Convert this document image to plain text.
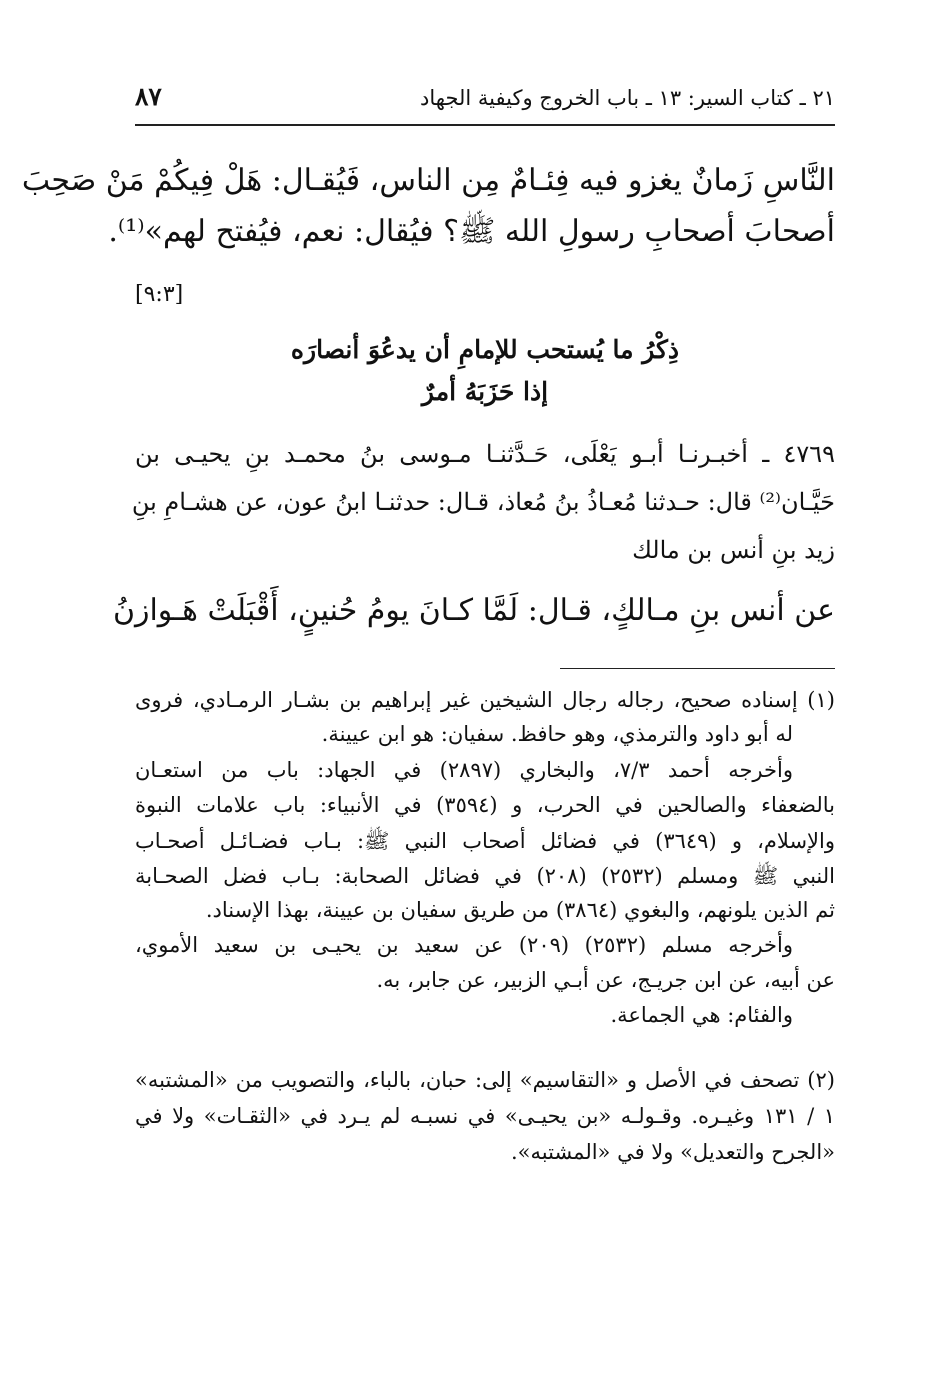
٢١ ـ كتاب السير: ١٣ ـ باب الخروج وكيفية الجهاد
٨٧
النَّاسِ زَمانٌ يغزو فيه فِئـامٌ مِن الناس، فَيُقـال: هَلْ فِيكُمْ مَنْ صَحِبَ
أصحابَ أصحابِ رسولِ الله ﷺ؟ فيُقال: نعم، فيُفتح لهم»⁽¹⁾.
[٩:٣]
ذِكْرُ ما يُستحب للإمامِ أن يدعُوَ أنصارَه
إذا حَزَبَهُ أمرٌ
٤٧٦٩ ـ أخبـرنـا أبـو يَعْلَى، حَـدَّثنـا مـوسى بنُ محمـد بنِ يحيـى بن
حَيَّـان⁽²⁾ قال: حـدثنا مُعـاذُ بنُ مُعاذ، قـال: حدثنـا ابنُ عون، عن هشـامِ بنِ
زيد بنِ أنس بن مالك
عن أنس بنِ مـالكٍ، قـال: لَمَّا كـانَ يومُ حُنينٍ، أَقْبَلَتْ هَـوازنُ
(١) إسناده صحيح، رجاله رجال الشيخين غير إبراهيم بن بشـار الرمـادي، فروى
له أبو داود والترمذي، وهو حافظ. سفيان: هو ابن عيينة.
وأخرجه أحمد ٧/٣، والبخاري (٢٨٩٧) في الجهاد: باب من استعـان
بالضعفاء والصالحين في الحرب، و (٣٥٩٤) في الأنبياء: باب علامات النبوة
والإسلام، و (٣٦٤٩) في فضائل أصحاب النبي ﷺ: بـاب فضـائـل أصحـاب
النبي ﷺ ومسلم (٢٥٣٢) (٢٠٨) في فضائل الصحابة: بـاب فضل الصحـابة
ثم الذين يلونهم، والبغوي (٣٨٦٤) من طريق سفيان بن عيينة، بهذا الإسناد.
وأخرجه مسلم (٢٥٣٢) (٢٠٩) عن سعيد بن يحيـى بن سعيد الأموي،
عن أبيه، عن ابن جريـج، عن أبـي الزبير، عن جابر، به.
والفئام: هي الجماعة.
(٢) تصحف في الأصل و «التقاسيم» إلى: حبان، بالباء، والتصويب من «المشتبه»
١ / ١٣١ وغيـره. وقـولـه «بن يحيـى» في نسبـه لم يـرد في «الثقـات» ولا في
«الجرح والتعديل» ولا في «المشتبه».
